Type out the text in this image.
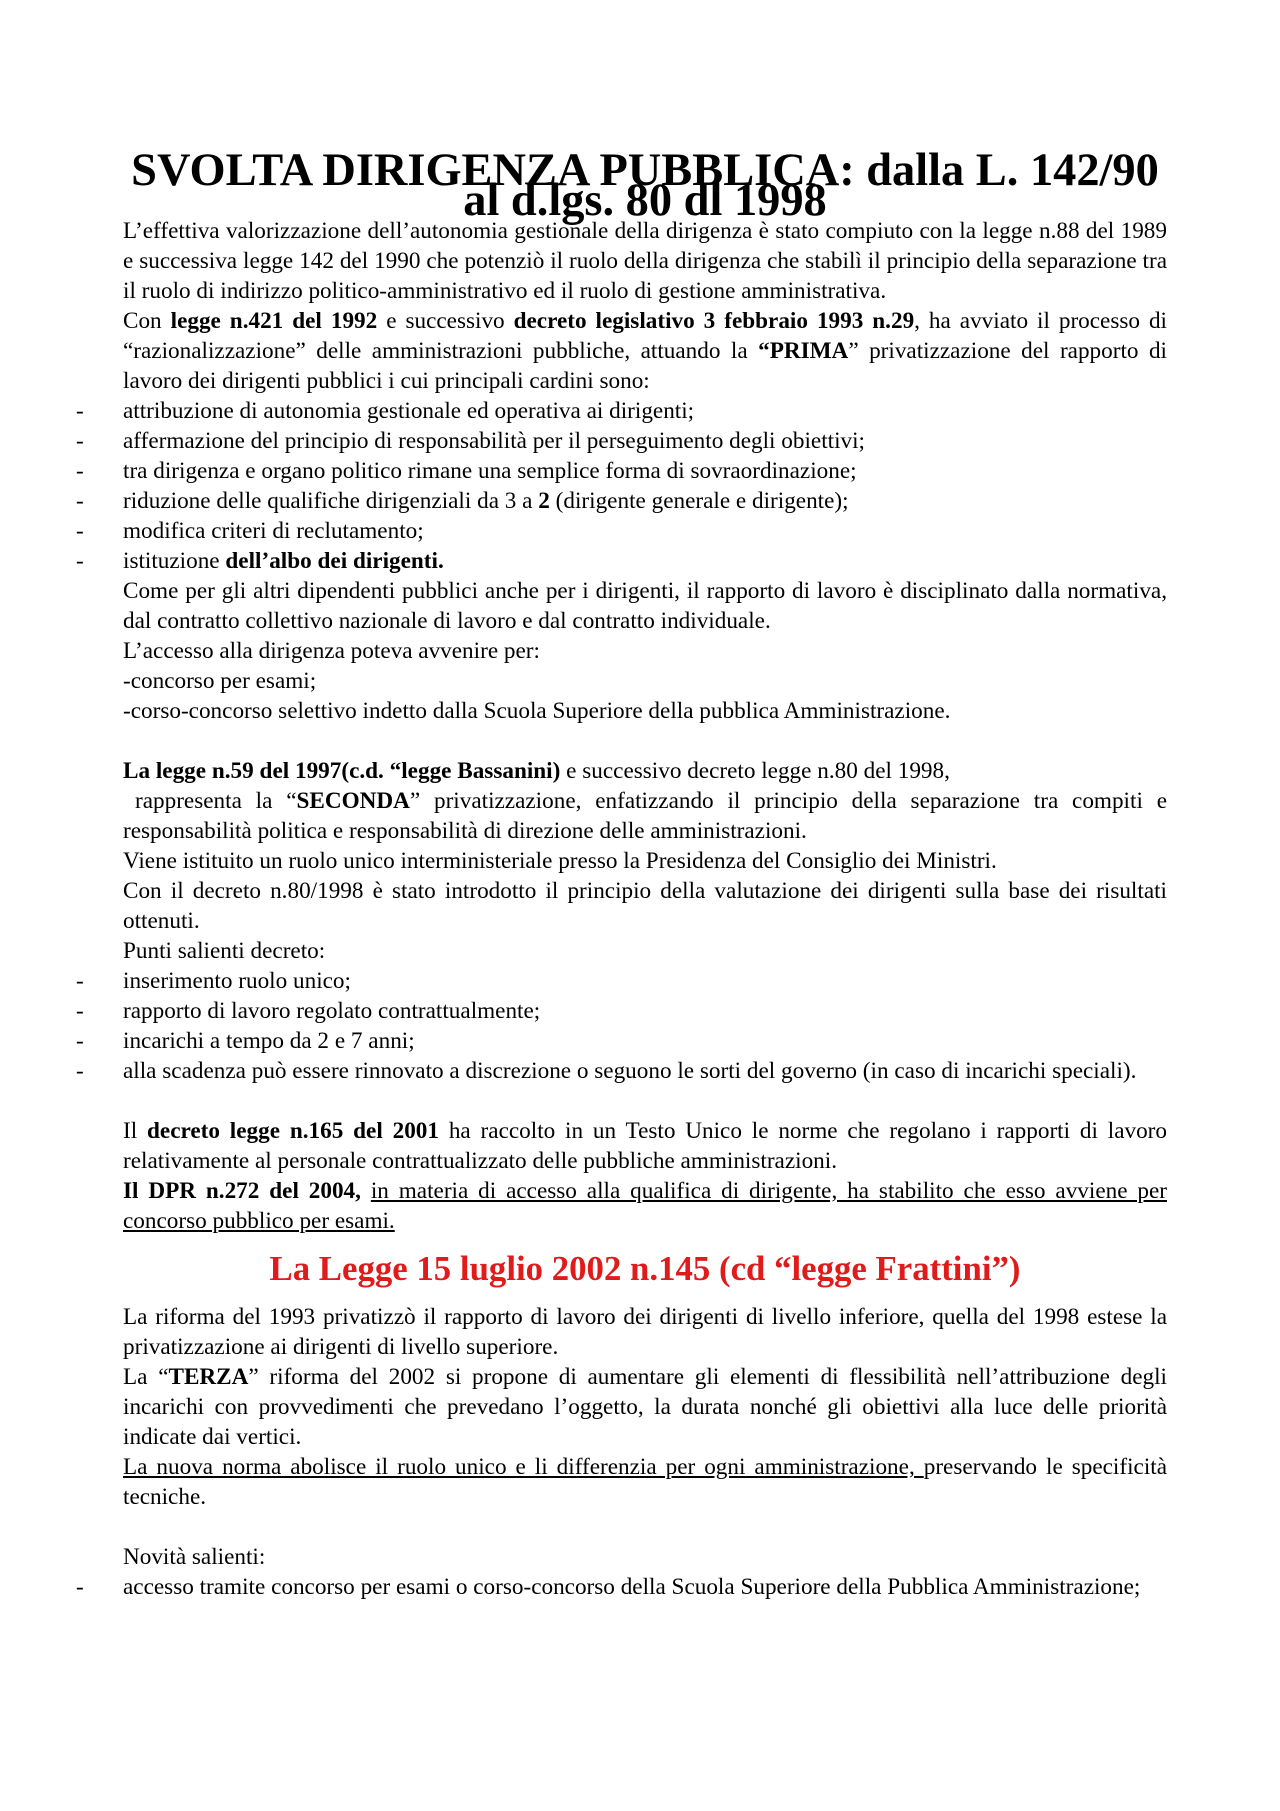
SVOLTA DIRIGENZA PUBBLICA: dalla L. 142/90 al d.lgs. 80 dl 1998

L’effettiva valorizzazione dell’autonomia gestionale della dirigenza è stato compiuto con la legge n.88 del 1989 e successiva legge 142 del 1990 che potenziò il ruolo della dirigenza che stabilì il principio della separazione tra il ruolo di indirizzo politico-amministrativo ed il ruolo di gestione amministrativa.

Con legge n.421 del 1992 e successivo decreto legislativo 3 febbraio 1993 n.29, ha avviato il processo di “razionalizzazione” delle amministrazioni pubbliche, attuando la “PRIMA” privatizzazione del rapporto di lavoro dei dirigenti pubblici i cui principali cardini sono:

- attribuzione di autonomia gestionale ed operativa ai dirigenti;
- affermazione del principio di responsabilità per il perseguimento degli obiettivi;
- tra dirigenza e organo politico rimane una semplice forma di sovraordinazione;
- riduzione delle qualifiche dirigenziali da 3 a 2 (dirigente generale e dirigente);
- modifica criteri di reclutamento;
- istituzione dell’albo dei dirigenti.

Come per gli altri dipendenti pubblici anche per i dirigenti, il rapporto di lavoro è disciplinato dalla normativa, dal contratto collettivo nazionale di lavoro e dal contratto individuale.

L’accesso alla dirigenza poteva avvenire per:

-concorso per esami;

-corso-concorso selettivo indetto dalla Scuola Superiore della pubblica Amministrazione.

La legge n.59 del 1997(c.d. “legge Bassanini) e successivo decreto legge n.80 del 1998,

rappresenta la “SECONDA” privatizzazione, enfatizzando il principio della separazione tra compiti e responsabilità politica e responsabilità di direzione delle amministrazioni.

Viene istituito un ruolo unico interministeriale presso la Presidenza del Consiglio dei Ministri.

Con il decreto n.80/1998 è stato introdotto il principio della valutazione dei dirigenti sulla base dei risultati ottenuti.

Punti salienti decreto:

- inserimento ruolo unico;
- rapporto di lavoro regolato contrattualmente;
- incarichi a tempo da 2 e 7 anni;
- alla scadenza può essere rinnovato a discrezione o seguono le sorti del governo (in caso di incarichi speciali).

Il decreto legge n.165 del 2001 ha raccolto in un Testo Unico le norme che regolano i rapporti di lavoro relativamente al personale contrattualizzato delle pubbliche amministrazioni.

Il DPR n.272 del 2004, in materia di accesso alla qualifica di dirigente, ha stabilito che esso avviene per concorso pubblico per esami.

La Legge 15 luglio 2002 n.145 (cd “legge Frattini”)

La riforma del 1993 privatizzò il rapporto di lavoro dei dirigenti di livello inferiore, quella del 1998 estese la privatizzazione ai dirigenti di livello superiore.

La “TERZA” riforma del 2002 si propone di aumentare gli elementi di flessibilità nell’attribuzione degli incarichi con provvedimenti che prevedano l’oggetto, la durata nonché gli obiettivi alla luce delle priorità indicate dai vertici.

La nuova norma abolisce il ruolo unico e li differenzia per ogni amministrazione, preservando le specificità tecniche.

Novità salienti:

- accesso tramite concorso per esami o corso-concorso della Scuola Superiore della Pubblica Amministrazione;
